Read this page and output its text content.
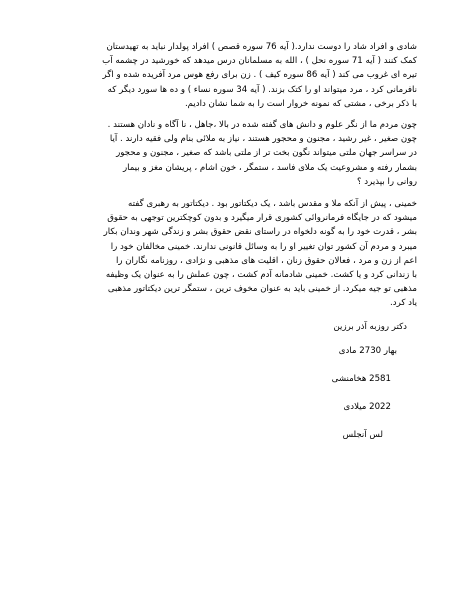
شادی و افراد شاد را دوست ندارد.( آیه 76 سوره قصص ) افراد پولدار نباید به تهیدستان
کمک کنند ( آیه 71 سوره نحل ) ، الله به مسلمانان درس میدهد که خورشید در چشمه آب
تیره ای غروب می کند ( آیه 86 سوره کیف ) . زن برای رفع هوس مرد آفریده شده و اگر
نافرمانی کرد ، مرد میتواند او را کتک بزند. ( آیه 34 سوره نساء ) و ده ها سورد دیگر که
با ذکر برخی ، مشتی که نمونه خروار است را به شما نشان دادیم.

چون مردم ما از نگر علوم و دانش های گفته شده در بالا ،جاهل ، نا آگاه و نادان هستند .
چون صغیر ، غیر رشید ، مجنون و محجور هستند ، نیاز به ملائی بنام ولی فقیه دارند . آیا
در سراسر جهان ملتی میتواند نگون بخت تر از ملتی باشد که صغیر ، مجنون و محجور
بشمار رفته و مشروعیت یک ملای فاسد ، ستمگر ، خون اشام ، پریشان مغز و بیمار
روانی را بپذیرد ؟

خمینی ، پیش از آنکه ملا و مقدس باشد ، یک دیکتاتور بود . دیکتاتور به رهبری گفته
میشود که در جایگاه فرمانروائی کشوری قرار میگیرد و بدون کوچکترین توجهی به حقوق
بشر ، قدرت خود را به گونه دلخواه در راستای نقض حقوق بشر و زندگی شهر وندان بکار
میبرد و مردم آن کشور توان تغییر او را به وسائل قانونی ندارند. خمینی مخالفان خود را
اعم از زن و مرد ، فعالان حقوق زنان ، اقلیت های مذهبی و نژادی ، روزنامه نگاران را
با زندانی کرد و یا کشت. خمینی شادمانه آدم کشت ، چون عملش را به عنوان یک وظیفه
مذهبی تو جیه میکرد. از خمینی باید به عنوان مخوف ترین ، ستمگر ترین دیکتاتور مذهبی
یاد کرد.

دکتر روزبه آذر برزین

بهار 2730 مادی

2581 هخامنشی

2022 میلادی

لس آنجلس
